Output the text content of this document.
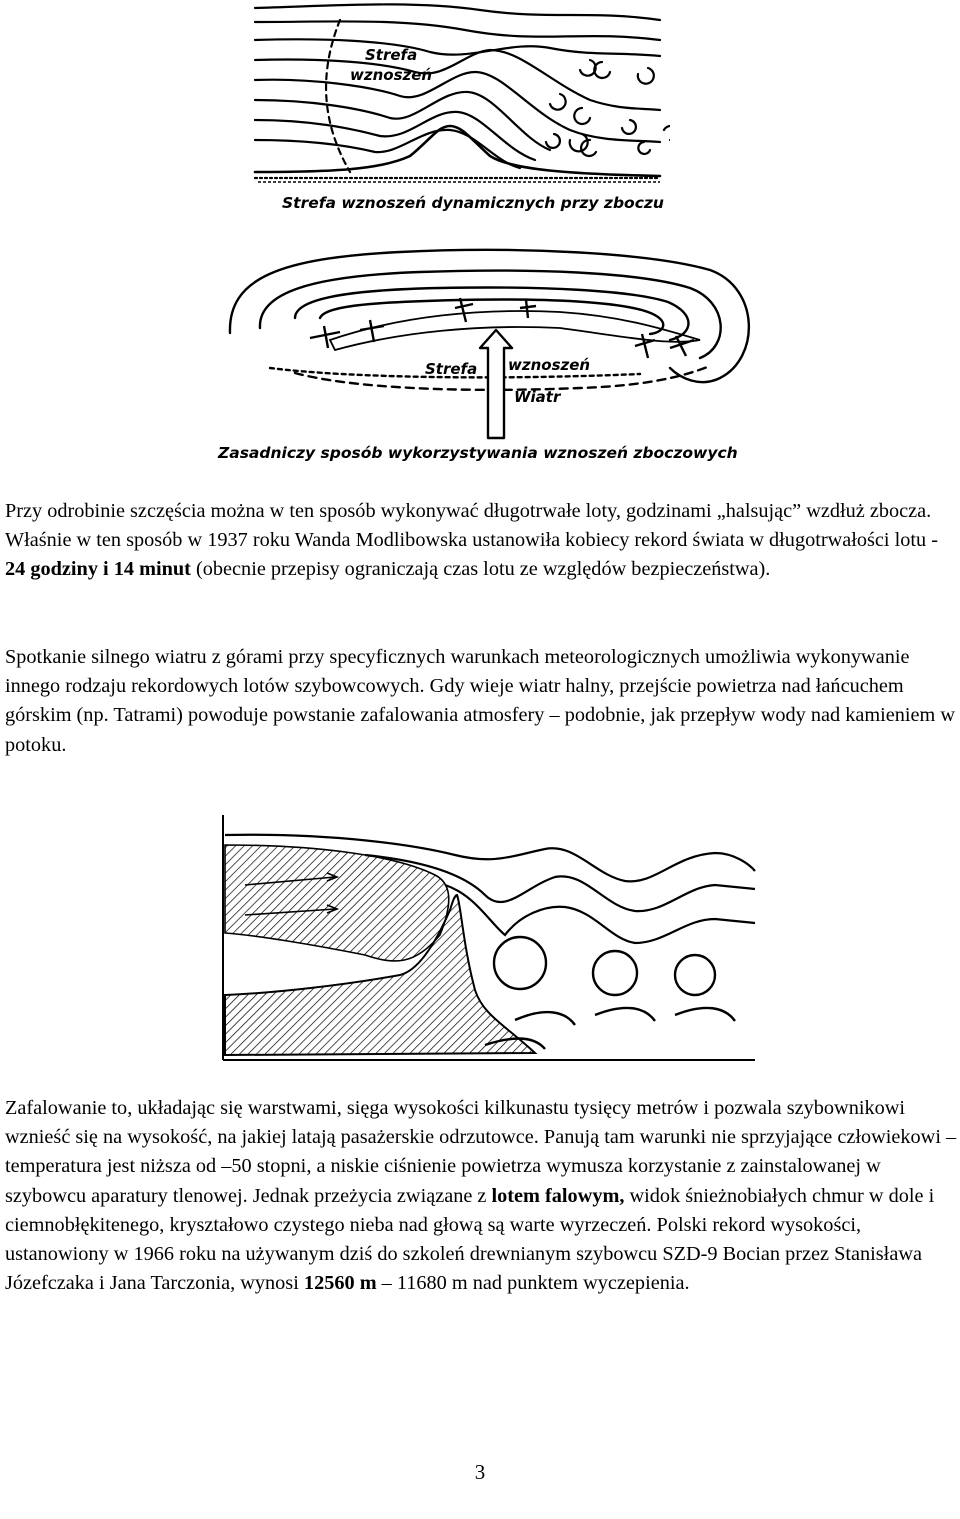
Strefa
wznoszeń
Strefa wznoszeń dynamicznych przy zboczu
Strefa wznoszeń
Wiatr
Zasadniczy sposób wykorzystywania wznoszeń zboczowych

Przy odrobinie szczęścia można w ten sposób wykonywać długotrwałe loty, godzinami „halsując” wzdłuż zbocza. Właśnie w ten sposób w 1937 roku Wanda Modlibowska ustanowiła kobiecy rekord świata w długotrwałości lotu - 24 godziny i 14 minut (obecnie przepisy ograniczają czas lotu ze względów bezpieczeństwa).

Spotkanie silnego wiatru z górami przy specyficznych warunkach meteorologicznych umożliwia wykonywanie innego rodzaju rekordowych lotów szybowcowych. Gdy wieje wiatr halny, przejście powietrza nad łańcuchem górskim (np. Tatrami) powoduje powstanie zafalowania atmosfery – podobnie, jak przepływ wody nad kamieniem w potoku.

Zafalowanie to, układając się warstwami, sięga wysokości kilkunastu tysięcy metrów i pozwala szybownikowi wznieść się na wysokość, na jakiej latają pasażerskie odrzutowce. Panują tam warunki nie sprzyjające człowiekowi – temperatura jest niższa od –50 stopni, a niskie ciśnienie powietrza wymusza korzystanie z zainstalowanej w szybowcu aparatury tlenowej. Jednak przeżycia związane z lotem falowym, widok śnieżnobiałych chmur w dole i ciemnobłękitenego, kryształowo czystego nieba nad głową są warte wyrzeczeń. Polski rekord wysokości, ustanowiony w 1966 roku na używanym dziś do szkoleń drewnianym szybowcu SZD-9 Bocian przez Stanisława Józefczaka i Jana Tarczonia, wynosi 12560 m – 11680 m nad punktem wyczepienia.

3
